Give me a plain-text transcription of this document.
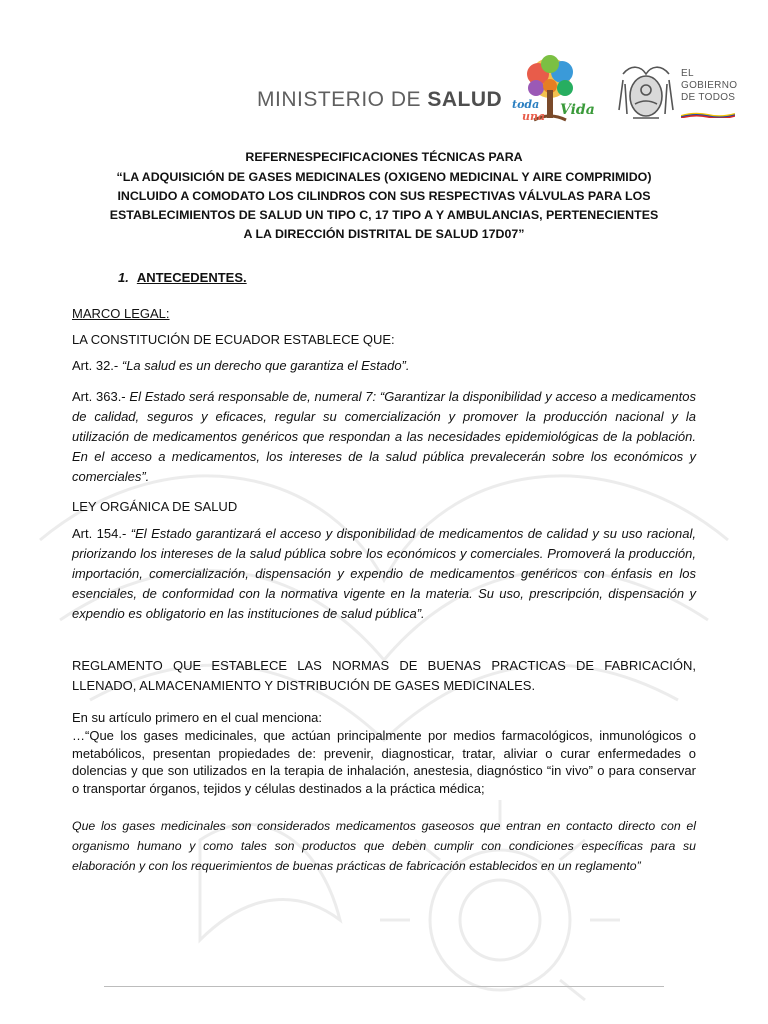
MINISTERIO DE SALUD toda
una Vida
EL
GOBIERNO
DE TODOS
REFERNESPECIFICACIONES TÉCNICAS PARA
“LA ADQUISICIÓN DE GASES MEDICINALES (OXIGENO MEDICINAL Y AIRE COMPRIMIDO)
INCLUIDO A COMODATO LOS CILINDROS CON SUS RESPECTIVAS VÁLVULAS PARA LOS
ESTABLECIMIENTOS DE SALUD UN TIPO C, 17 TIPO A Y AMBULANCIAS, PERTENECIENTES
A LA DIRECCIÓN DISTRITAL DE SALUD 17D07”
1. ANTECEDENTES.
MARCO LEGAL:
LA CONSTITUCIÓN DE ECUADOR ESTABLECE QUE:
Art. 32.- “La salud es un derecho que garantiza el Estado”.
Art. 363.- El Estado será responsable de, numeral 7: “Garantizar la disponibilidad y acceso a medicamentos de calidad, seguros y eficaces, regular su comercialización y promover la producción nacional y la utilización de medicamentos genéricos que respondan a las necesidades epidemiológicas de la población. En el acceso a medicamentos, los intereses de la salud pública prevalecerán sobre los económicos y comerciales”.
LEY ORGÁNICA DE SALUD
Art. 154.- “El Estado garantizará el acceso y disponibilidad de medicamentos de calidad y su uso racional, priorizando los intereses de la salud pública sobre los económicos y comerciales. Promoverá la producción, importación, comercialización, dispensación y expendio de medicamentos genéricos con énfasis en los esenciales, de conformidad con la normativa vigente en la materia. Su uso, prescripción, dispensación y expendio es obligatorio en las instituciones de salud pública”.
REGLAMENTO QUE ESTABLECE LAS NORMAS DE BUENAS PRACTICAS DE FABRICACIÓN, LLENADO, ALMACENAMIENTO Y DISTRIBUCIÓN DE GASES MEDICINALES.
En su artículo primero en el cual menciona:
…“Que los gases medicinales, que actúan principalmente por medios farmacológicos, inmunológicos o metabólicos, presentan propiedades de: prevenir, diagnosticar, tratar, aliviar o curar enfermedades o dolencias y que son utilizados en la terapia de inhalación, anestesia, diagnóstico “in vivo” o para conservar o transportar órganos, tejidos y células destinados a la práctica médica;
Que los gases medicinales son considerados medicamentos gaseosos que entran en contacto directo con el organismo humano y como tales son productos que deben cumplir con condiciones específicas para su elaboración y con los requerimientos de buenas prácticas de fabricación establecidos en un reglamento”
